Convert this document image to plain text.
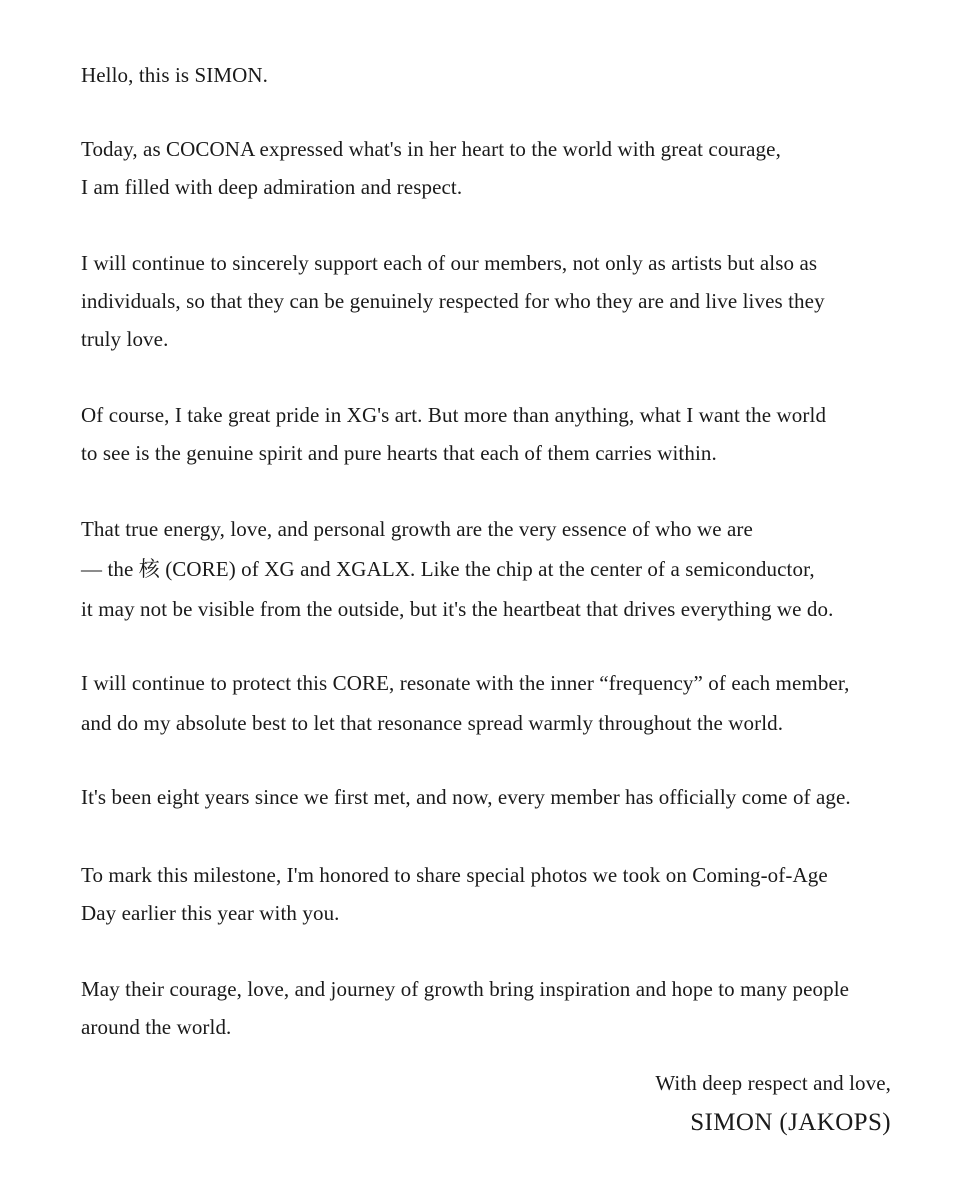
Hello, this is SIMON.
Today, as COCONA expressed what's in her heart to the world with great courage,
I am filled with deep admiration and respect.
I will continue to sincerely support each of our members, not only as artists but also as
individuals, so that they can be genuinely respected for who they are and live lives they
truly love.
Of course, I take great pride in XG's art. But more than anything, what I want the world
to see is the genuine spirit and pure hearts that each of them carries within.
That true energy, love, and personal growth are the very essence of who we are
— the 核 (CORE) of XG and XGALX. Like the chip at the center of a semiconductor,
it may not be visible from the outside, but it's the heartbeat that drives everything we do.
I will continue to protect this CORE, resonate with the inner “frequency” of each member,
and do my absolute best to let that resonance spread warmly throughout the world.
It's been eight years since we first met, and now, every member has officially come of age.
To mark this milestone, I'm honored to share special photos we took on Coming-of-Age
Day earlier this year with you.
May their courage, love, and journey of growth bring inspiration and hope to many people
around the world.
With deep respect and love,
SIMON (JAKOPS)
